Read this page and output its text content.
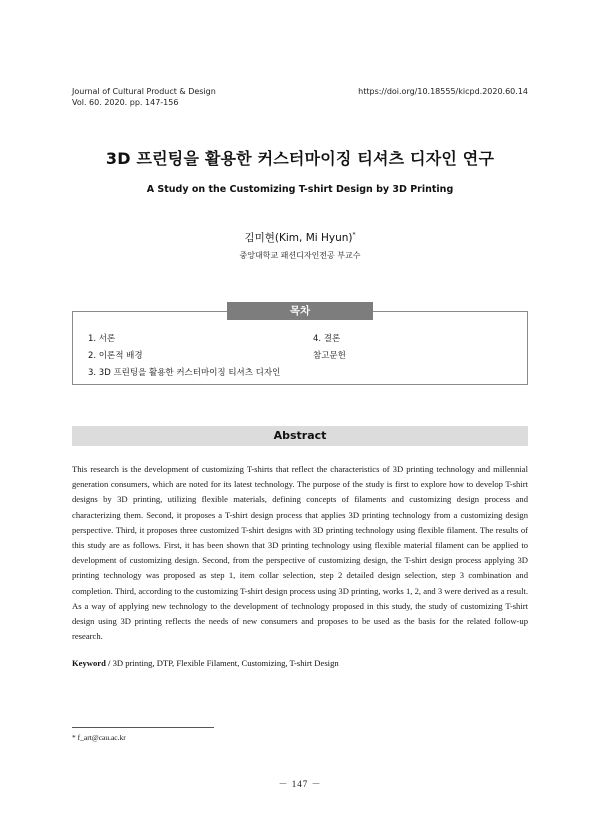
Journal of Cultural Product & Design
Vol. 60. 2020. pp. 147-156
https://doi.org/10.18555/kicpd.2020.60.14
3D 프린팅을 활용한 커스터마이징 티셔츠 디자인 연구
A Study on the Customizing T-shirt Design by 3D Printing
김미현(Kim, Mi Hyun)*
중앙대학교 패션디자인전공 부교수
목차
1. 서론
2. 이론적 배경
3. 3D 프린팅을 활용한 커스터마이징 티셔츠 디자인
4. 결론
참고문헌
Abstract
This research is the development of customizing T-shirts that reflect the characteristics of 3D printing technology and millennial generation consumers, which are noted for its latest technology. The purpose of the study is first to explore how to develop T-shirt designs by 3D printing, utilizing flexible materials, defining concepts of filaments and customizing design process and characterizing them. Second, it proposes a T-shirt design process that applies 3D printing technology from a customizing design perspective. Third, it proposes three customized T-shirt designs with 3D printing technology using flexible filament. The results of this study are as follows. First, it has been shown that 3D printing technology using flexible material filament can be applied to development of customizing design. Second, from the perspective of customizing design, the T-shirt design process applying 3D printing technology was proposed as step 1, item collar selection, step 2 detailed design selection, step 3 combination and completion. Third, according to the customizing T-shirt design process using 3D printing, works 1, 2, and 3 were derived as a result. As a way of applying new technology to the development of technology proposed in this study, the study of customizing T-shirt design using 3D printing reflects the needs of new consumers and proposes to be used as the basis for the related follow-up research.
Keyword / 3D printing, DTP, Flexible Filament, Customizing, T-shirt Design
* f_art@cau.ac.kr
－ 147 －
